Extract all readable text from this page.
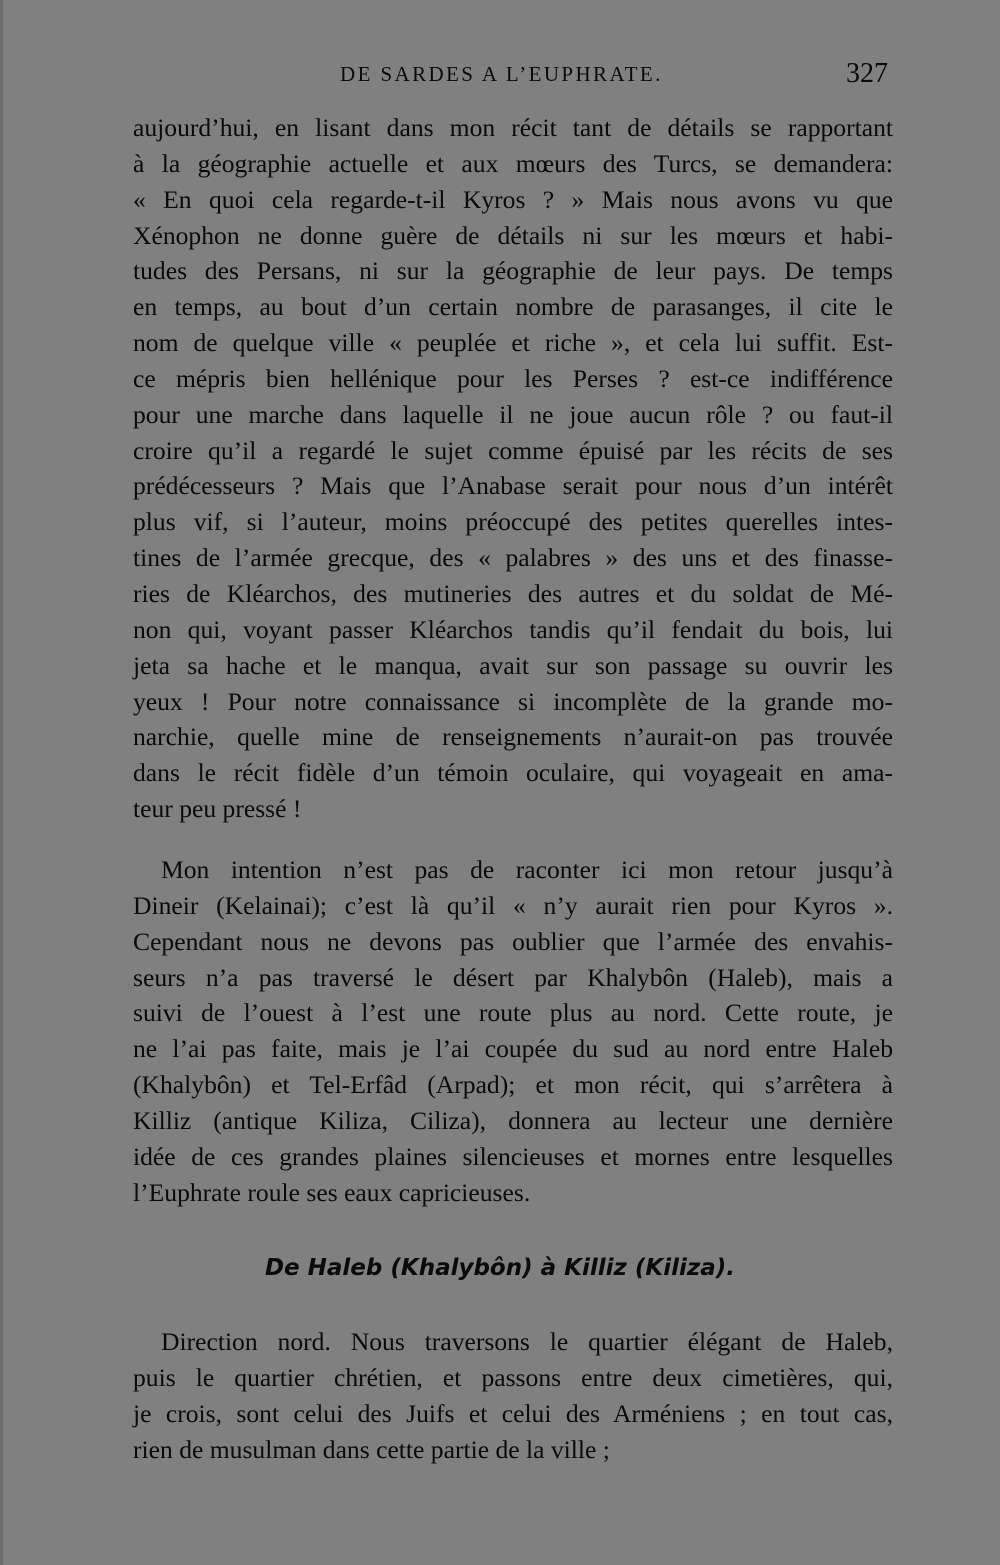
DE SARDES A L’EUPHRATE.	327
aujourd’hui, en lisant dans mon récit tant de détails se rapportant
à la géographie actuelle et aux mœurs des Turcs, se demandera:
« En quoi cela regarde-t-il Kyros ? » Mais nous avons vu que
Xénophon ne donne guère de détails ni sur les mœurs et habi-
tudes des Persans, ni sur la géographie de leur pays. De temps
en temps, au bout d’un certain nombre de parasanges, il cite le
nom de quelque ville « peuplée et riche », et cela lui suffit. Est-
ce mépris bien hellénique pour les Perses ? est-ce indifférence
pour une marche dans laquelle il ne joue aucun rôle ? ou faut-il
croire qu’il a regardé le sujet comme épuisé par les récits de ses
prédécesseurs ? Mais que l’Anabase serait pour nous d’un intérêt
plus vif, si l’auteur, moins préoccupé des petites querelles intes-
tines de l’armée grecque, des « palabres » des uns et des finasse-
ries de Kléarchos, des mutineries des autres et du soldat de Mé-
non qui, voyant passer Kléarchos tandis qu’il fendait du bois, lui
jeta sa hache et le manqua, avait sur son passage su ouvrir les
yeux ! Pour notre connaissance si incomplète de la grande mo-
narchie, quelle mine de renseignements n’aurait-on pas trouvée
dans le récit fidèle d’un témoin oculaire, qui voyageait en ama-
teur peu pressé !
Mon intention n’est pas de raconter ici mon retour jusqu’à
Dineir (Kelainai); c’est là qu’il « n’y aurait rien pour Kyros ».
Cependant nous ne devons pas oublier que l’armée des envahis-
seurs n’a pas traversé le désert par Khalybôn (Haleb), mais a
suivi de l’ouest à l’est une route plus au nord. Cette route, je
ne l’ai pas faite, mais je l’ai coupée du sud au nord entre Haleb
(Khalybôn) et Tel-Erfâd (Arpad); et mon récit, qui s’arrêtera à
Killiz (antique Kiliza, Ciliza), donnera au lecteur une dernière
idée de ces grandes plaines silencieuses et mornes entre lesquelles
l’Euphrate roule ses eaux capricieuses.
De Haleb (Khalybôn) à Killiz (Kiliza).
Direction nord. Nous traversons le quartier élégant de Haleb,
puis le quartier chrétien, et passons entre deux cimetières, qui,
je crois, sont celui des Juifs et celui des Arméniens ; en tout cas,
rien de musulman dans cette partie de la ville ;
